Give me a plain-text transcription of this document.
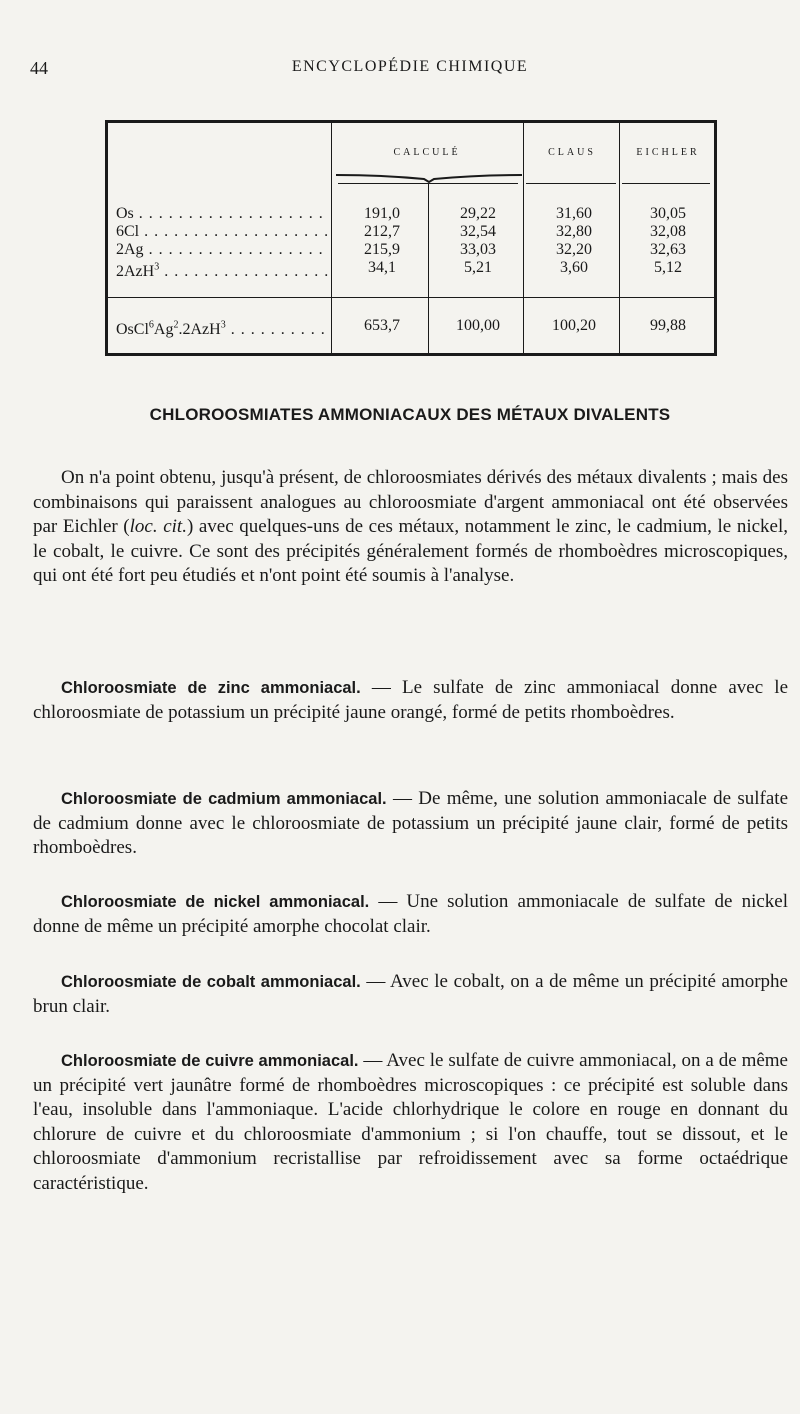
44	ENCYCLOPÉDIE CHIMIQUE
CALCULÉ	CLAUS	EICHLER
Os . . .	191,0	29,22	31,60	30,05
6Cl . . .	212,7	32,54	32,80	32,08
2Ag . . .	215,9	33,03	32,20	32,63
2AzH$^3$ . . .	34,1	5,21	3,60	5,12
OsCl$^6$Ag$^2$.2AzH$^3$ . . .	653,7	100,00	100,20	99,88
CHLOROOSMIATES AMMONIACAUX DES MÉTAUX DIVALENTS

On n'a point obtenu, jusqu'à présent, de chloroosmiates dérivés des métaux divalents ; mais des combinaisons qui paraissent analogues au chloroosmiate d'argent ammoniacal ont été observées par Eichler (loc. cit.) avec quelques-uns de ces métaux, notamment le zinc, le cadmium, le nickel, le cobalt, le cuivre. Ce sont des précipités généralement formés de rhomboèdres microscopiques, qui ont été fort peu étudiés et n'ont point été soumis à l'analyse.

Chloroosmiate de zinc ammoniacal. — Le sulfate de zinc ammoniacal donne avec le chloroosmiate de potassium un précipité jaune orangé, formé de petits rhomboèdres.

Chloroosmiate de cadmium ammoniacal. — De même, une solution ammoniacale de sulfate de cadmium donne avec le chloroosmiate de potassium un précipité jaune clair, formé de petits rhomboèdres.

Chloroosmiate de nickel ammoniacal. — Une solution ammoniacale de sulfate de nickel donne de même un précipité amorphe chocolat clair.

Chloroosmiate de cobalt ammoniacal. — Avec le cobalt, on a de même un précipité amorphe brun clair.

Chloroosmiate de cuivre ammoniacal. — Avec le sulfate de cuivre ammoniacal, on a de même un précipité vert jaunâtre formé de rhomboèdres microscopiques : ce précipité est soluble dans l'eau, insoluble dans l'ammoniaque. L'acide chlorhydrique le colore en rouge en donnant du chlorure de cuivre et du chloroosmiate d'ammonium ; si l'on chauffe, tout se dissout, et le chloroosmiate d'ammonium recristallise par refroidissement avec sa forme octaédrique caractéristique.
